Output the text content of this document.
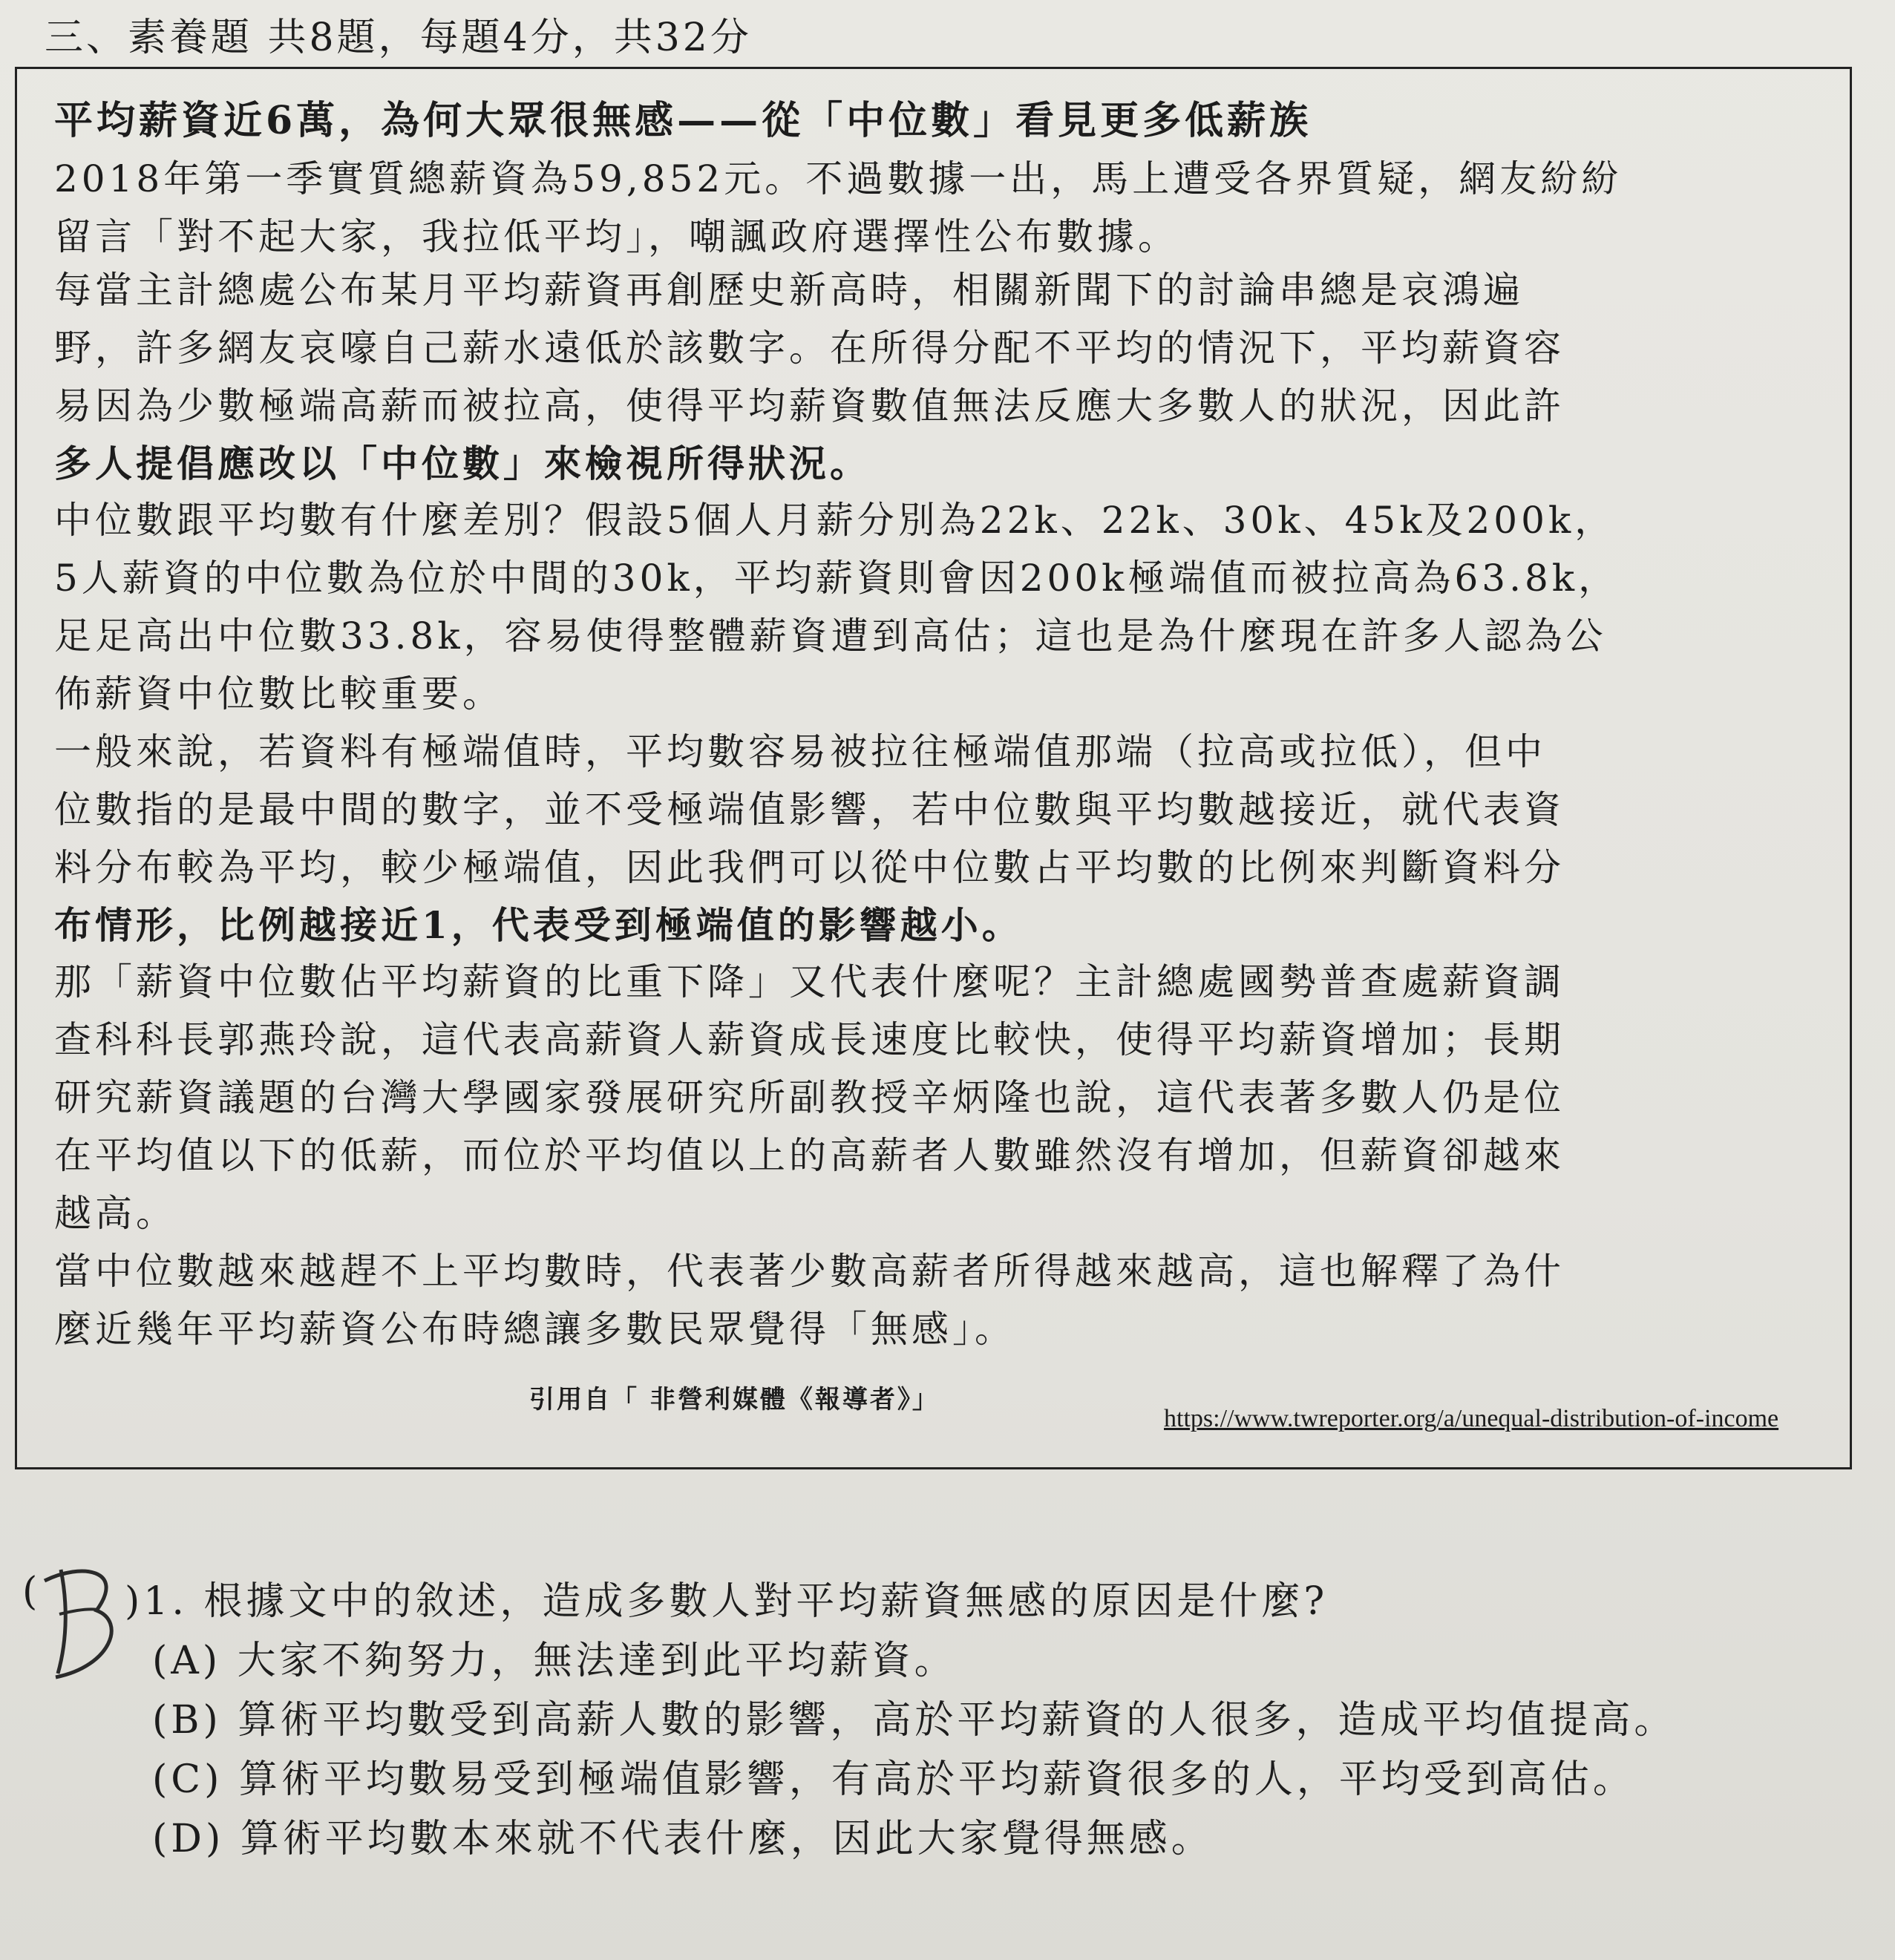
三、素養題 共8題，每題4分，共32分
平均薪資近6萬，為何大眾很無感——從「中位數」看見更多低薪族
2018年第一季實質總薪資為59,852元。不過數據一出，馬上遭受各界質疑，網友紛紛
留言「對不起大家，我拉低平均」，嘲諷政府選擇性公布數據。
每當主計總處公布某月平均薪資再創歷史新高時，相關新聞下的討論串總是哀鴻遍
野，許多網友哀嚎自己薪水遠低於該數字。在所得分配不平均的情況下，平均薪資容
易因為少數極端高薪而被拉高，使得平均薪資數值無法反應大多數人的狀況，因此許
多人提倡應改以「中位數」來檢視所得狀況。
中位數跟平均數有什麼差別？假設5個人月薪分別為22k、22k、30k、45k及200k，
5人薪資的中位數為位於中間的30k，平均薪資則會因200k極端值而被拉高為63.8k，
足足高出中位數33.8k，容易使得整體薪資遭到高估；這也是為什麼現在許多人認為公
佈薪資中位數比較重要。
一般來說，若資料有極端值時，平均數容易被拉往極端值那端（拉高或拉低），但中
位數指的是最中間的數字，並不受極端值影響，若中位數與平均數越接近，就代表資
料分布較為平均，較少極端值，因此我們可以從中位數占平均數的比例來判斷資料分
布情形，比例越接近1，代表受到極端值的影響越小。
那「薪資中位數佔平均薪資的比重下降」又代表什麼呢？主計總處國勢普查處薪資調
查科科長郭燕玲說，這代表高薪資人薪資成長速度比較快，使得平均薪資增加；長期
研究薪資議題的台灣大學國家發展研究所副教授辛炳隆也說，這代表著多數人仍是位
在平均值以下的低薪，而位於平均值以上的高薪者人數雖然沒有增加，但薪資卻越來
越高。
當中位數越來越趕不上平均數時，代表著少數高薪者所得越來越高，這也解釋了為什
麼近幾年平均薪資公布時總讓多數民眾覺得「無感」。
引用自「 非營利媒體《報導者》」
https://www.twreporter.org/a/unequal-distribution-of-income
( )1. 根據文中的敘述，造成多數人對平均薪資無感的原因是什麼?
(A) 大家不夠努力，無法達到此平均薪資。
(B) 算術平均數受到高薪人數的影響，高於平均薪資的人很多，造成平均值提高。
(C) 算術平均數易受到極端值影響，有高於平均薪資很多的人，平均受到高估。
(D) 算術平均數本來就不代表什麼，因此大家覺得無感。
